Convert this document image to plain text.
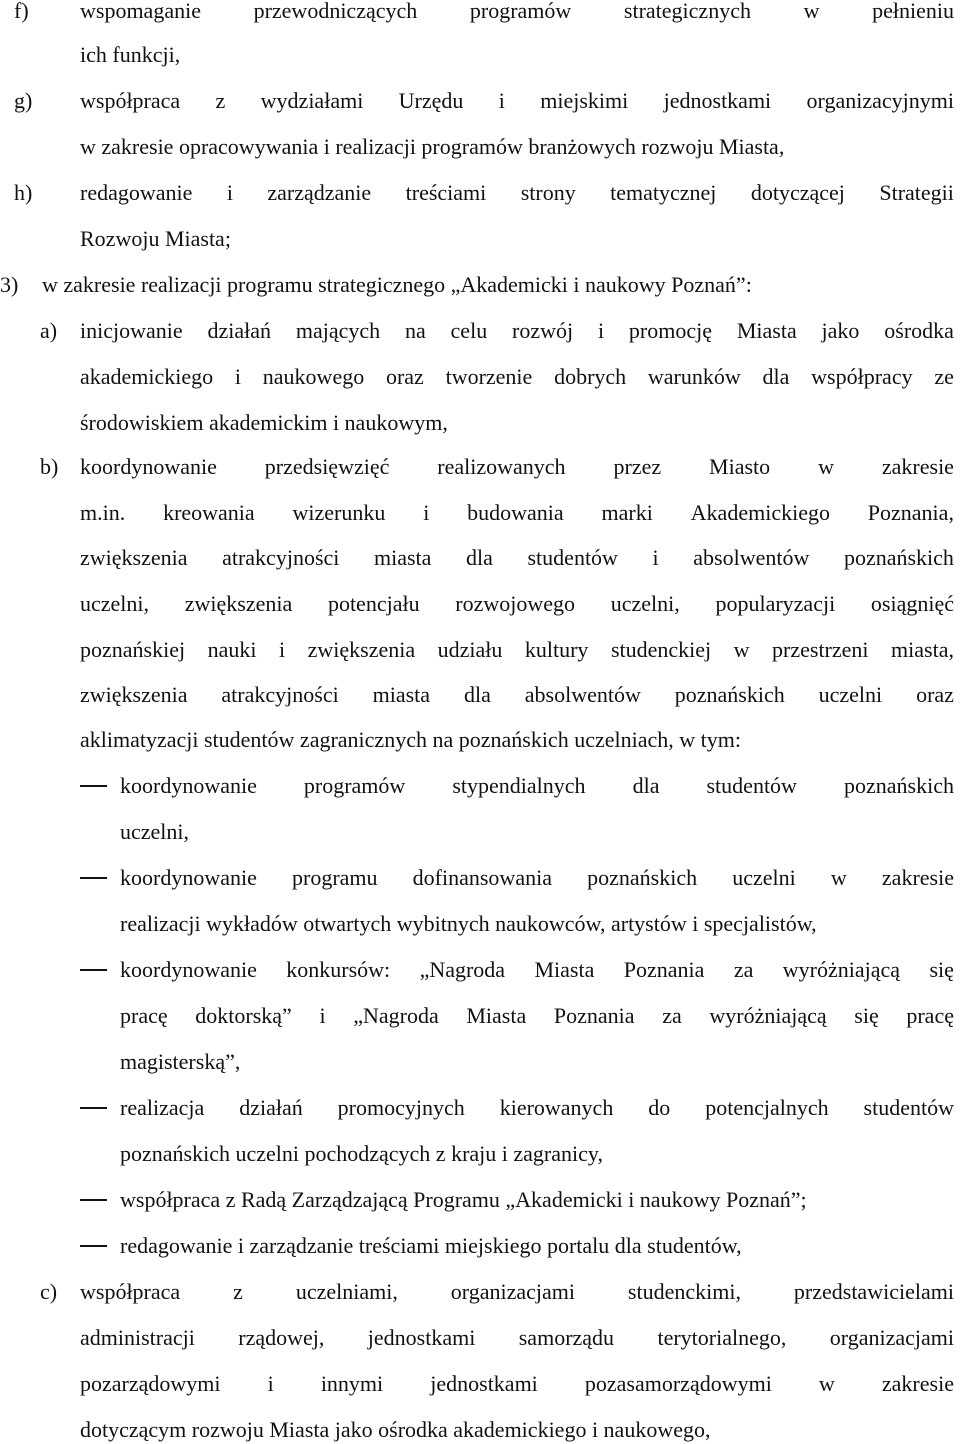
f) wspomaganie przewodniczących programów strategicznych w pełnieniu
ich funkcji,
g) współpraca z wydziałami Urzędu i miejskimi jednostkami organizacyjnymi
w zakresie opracowywania i realizacji programów branżowych rozwoju Miasta,
h) redagowanie i zarządzanie treściami strony tematycznej dotyczącej Strategii
Rozwoju Miasta;
3) w zakresie realizacji programu strategicznego „Akademicki i naukowy Poznań”:
a) inicjowanie działań mających na celu rozwój i promocję Miasta jako ośrodka
akademickiego i naukowego oraz tworzenie dobrych warunków dla współpracy ze
środowiskiem akademickim i naukowym,
b) koordynowanie przedsięwzięć realizowanych przez Miasto w zakresie
m.in. kreowania wizerunku i budowania marki Akademickiego Poznania,
zwiększenia atrakcyjności miasta dla studentów i absolwentów poznańskich
uczelni, zwiększenia potencjału rozwojowego uczelni, popularyzacji osiągnięć
poznańskiej nauki i zwiększenia udziału kultury studenckiej w przestrzeni miasta,
zwiększenia atrakcyjności miasta dla absolwentów poznańskich uczelni oraz
aklimatyzacji studentów zagranicznych na poznańskich uczelniach, w tym:
koordynowanie programów stypendialnych dla studentów poznańskich
uczelni,
koordynowanie programu dofinansowania poznańskich uczelni w zakresie
realizacji wykładów otwartych wybitnych naukowców, artystów i specjalistów,
koordynowanie konkursów: „Nagroda Miasta Poznania za wyróżniającą się
pracę doktorską” i „Nagroda Miasta Poznania za wyróżniającą się pracę
magisterską”,
realizacja działań promocyjnych kierowanych do potencjalnych studentów
poznańskich uczelni pochodzących z kraju i zagranicy,
współpraca z Radą Zarządzającą Programu „Akademicki i naukowy Poznań”;
redagowanie i zarządzanie treściami miejskiego portalu dla studentów,
c) współpraca z uczelniami, organizacjami studenckimi, przedstawicielami
administracji rządowej, jednostkami samorządu terytorialnego, organizacjami
pozarządowymi i innymi jednostkami pozasamorządowymi w zakresie
dotyczącym rozwoju Miasta jako ośrodka akademickiego i naukowego,
